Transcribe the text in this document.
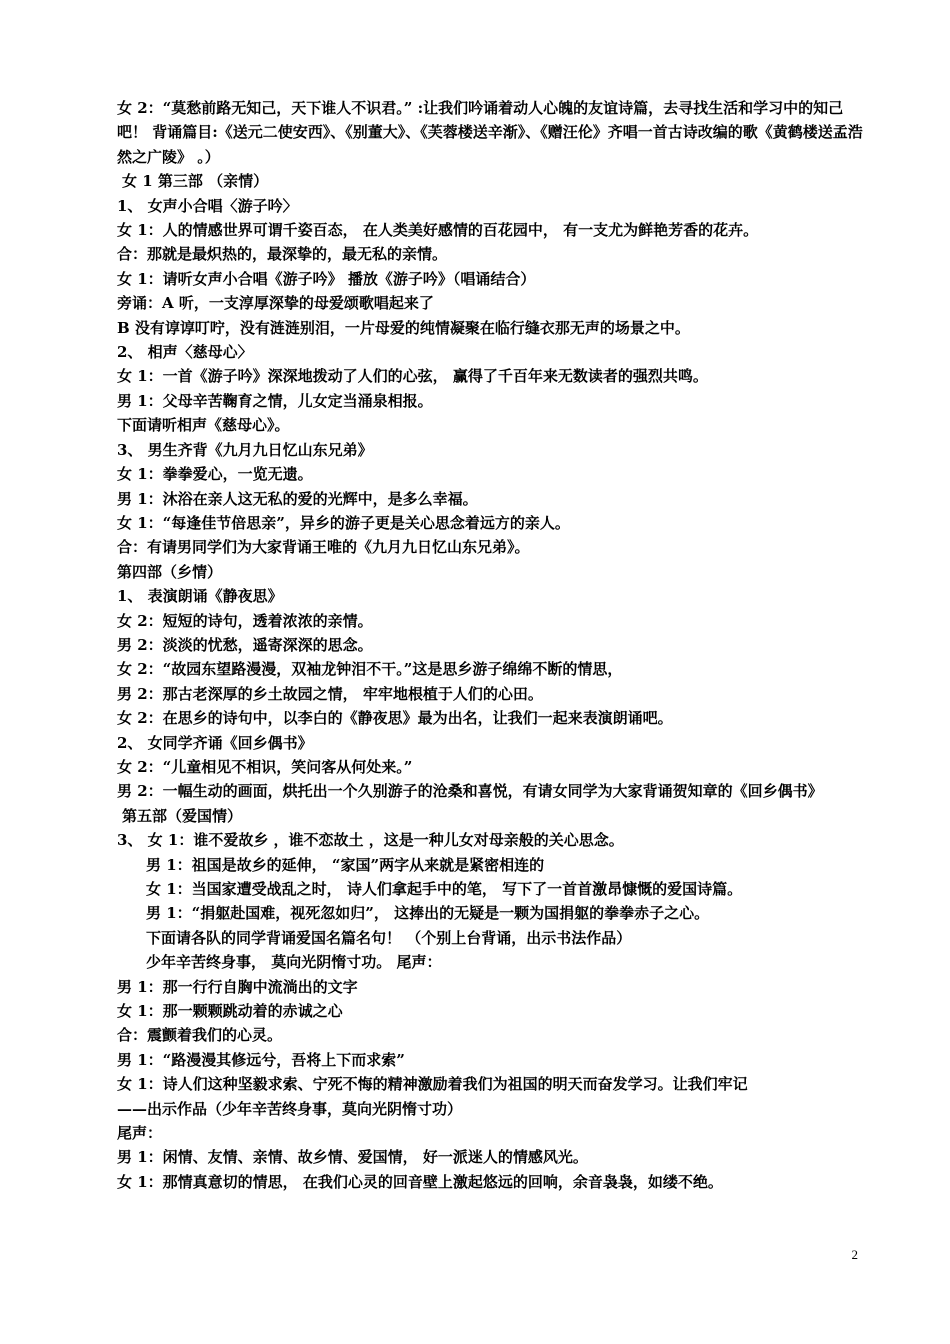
女 2：“莫愁前路无知己，天下谁人不识君。” :让我们吟诵着动人心魄的友谊诗篇，去寻找生活和学习中的知己吧！ 背诵篇目:《送元二使安西》、《别董大》、《芙蓉楼送辛渐》、《赠汪伦》齐唱一首古诗改编的歌《黄鹤楼送孟浩然之广陵》 。）
女 1 第三部 （亲情）
1、 女声小合唱〈游子吟〉
女 1：人的情感世界可谓千姿百态， 在人类美好感情的百花园中， 有一支尤为鲜艳芳香的花卉。
合：那就是最炽热的，最深挚的，最无私的亲情。
女 1：请听女声小合唱《游子吟》 播放《游子吟》（唱诵结合）
旁诵：A 听，一支淳厚深挚的母爱颂歌唱起来了
B 没有谆谆叮咛，没有涟涟别泪，一片母爱的纯情凝聚在临行缝衣那无声的场景之中。
2、 相声〈慈母心〉
女 1：一首《游子吟》深深地拨动了人们的心弦， 赢得了千百年来无数读者的强烈共鸣。
男 1：父母辛苦鞠育之情，儿女定当涌泉相报。
下面请听相声《慈母心》。
3、 男生齐背《九月九日忆山东兄弟》
女 1：拳拳爱心，一览无遗。
男 1：沐浴在亲人这无私的爱的光辉中，是多么幸福。
女 1：“每逢佳节倍思亲”，异乡的游子更是关心思念着远方的亲人。
合：有请男同学们为大家背诵王唯的《九月九日忆山东兄弟》。
第四部（乡情）
1、 表演朗诵《静夜思》
女 2：短短的诗句，透着浓浓的亲情。
男 2：淡淡的忧愁，遥寄深深的思念。
女 2：“故园东望路漫漫，双袖龙钟泪不干。”这是思乡游子绵绵不断的情思，
男 2：那古老深厚的乡土故园之情， 牢牢地根植于人们的心田。
女 2：在思乡的诗句中，以李白的《静夜思》最为出名，让我们一起来表演朗诵吧。
2、 女同学齐诵《回乡偶书》
女 2：“儿童相见不相识，笑问客从何处来。”
男 2：一幅生动的画面，烘托出一个久别游子的沧桑和喜悦，有请女同学为大家背诵贺知章的《回乡偶书》
第五部（爱国情）
3、 女 1：谁不爱故乡 ，谁不恋故土 ，这是一种儿女对母亲般的关心思念。
男 1：祖国是故乡的延伸， “家国”两字从来就是紧密相连的
女 1：当国家遭受战乱之时， 诗人们拿起手中的笔， 写下了一首首激昂慷慨的爱国诗篇。
男 1：“捐躯赴国难，视死忽如归”， 这捧出的无疑是一颗为国捐躯的拳拳赤子之心。
下面请各队的同学背诵爱国名篇名句！ （个别上台背诵，出示书法作品）
少年辛苦终身事， 莫向光阴惰寸功。 尾声：
男 1：那一行行自胸中流淌出的文字
女 1：那一颗颗跳动着的赤诚之心
合：震颤着我们的心灵。
男 1：“路漫漫其修远兮，吾将上下而求索”
女 1：诗人们这种坚毅求索、宁死不悔的精神激励着我们为祖国的明天而奋发学习。让我们牢记
——出示作品（少年辛苦终身事，莫向光阴惰寸功）
尾声：
男 1：闲情、友情、亲情、故乡情、爱国情， 好一派迷人的情感风光。
女 1：那情真意切的情思， 在我们心灵的回音壁上激起悠远的回响，余音袅袅，如缕不绝。
2
